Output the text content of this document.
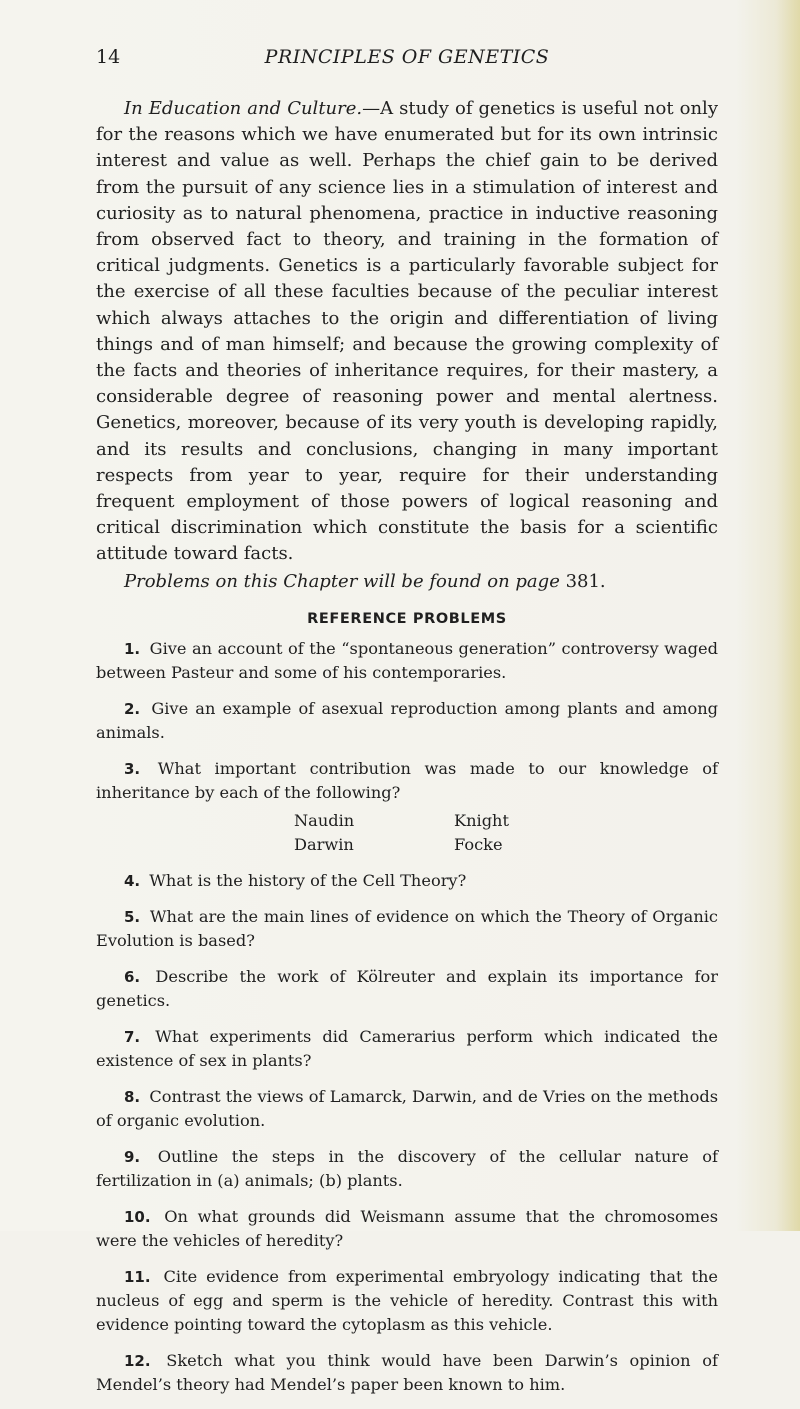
14	PRINCIPLES OF GENETICS

In Education and Culture.—A study of genetics is useful not only for the reasons which we have enumerated but for its own intrinsic interest and value as well. Perhaps the chief gain to be derived from the pursuit of any science lies in a stimulation of interest and curiosity as to natural phenomena, practice in inductive reasoning from observed fact to theory, and training in the formation of critical judgments. Genetics is a particularly favorable subject for the exercise of all these faculties because of the peculiar interest which always attaches to the origin and differentiation of living things and of man himself; and because the growing complexity of the facts and theories of inheritance requires, for their mastery, a considerable degree of reasoning power and mental alertness. Genetics, moreover, because of its very youth is developing rapidly, and its results and conclusions, changing in many important respects from year to year, require for their understanding frequent employment of those powers of logical reasoning and critical discrimination which constitute the basis for a scientific attitude toward facts.

Problems on this Chapter will be found on page 381.

REFERENCE PROBLEMS
1. Give an account of the “spontaneous generation” controversy waged between Pasteur and some of his contemporaries.
2. Give an example of asexual reproduction among plants and among animals.
3. What important contribution was made to our knowledge of inheritance by each of the following?
Naudin	Knight
Darwin	Focke
4. What is the history of the Cell Theory?
5. What are the main lines of evidence on which the Theory of Organic Evolution is based?
6. Describe the work of Kölreuter and explain its importance for genetics.
7. What experiments did Camerarius perform which indicated the existence of sex in plants?
8. Contrast the views of Lamarck, Darwin, and de Vries on the methods of organic evolution.
9. Outline the steps in the discovery of the cellular nature of fertilization in (a) animals; (b) plants.
10. On what grounds did Weismann assume that the chromosomes were the vehicles of heredity?
11. Cite evidence from experimental embryology indicating that the nucleus of egg and sperm is the vehicle of heredity. Contrast this with evidence pointing toward the cytoplasm as this vehicle.
12. Sketch what you think would have been Darwin’s opinion of Mendel’s theory had Mendel’s paper been known to him.
